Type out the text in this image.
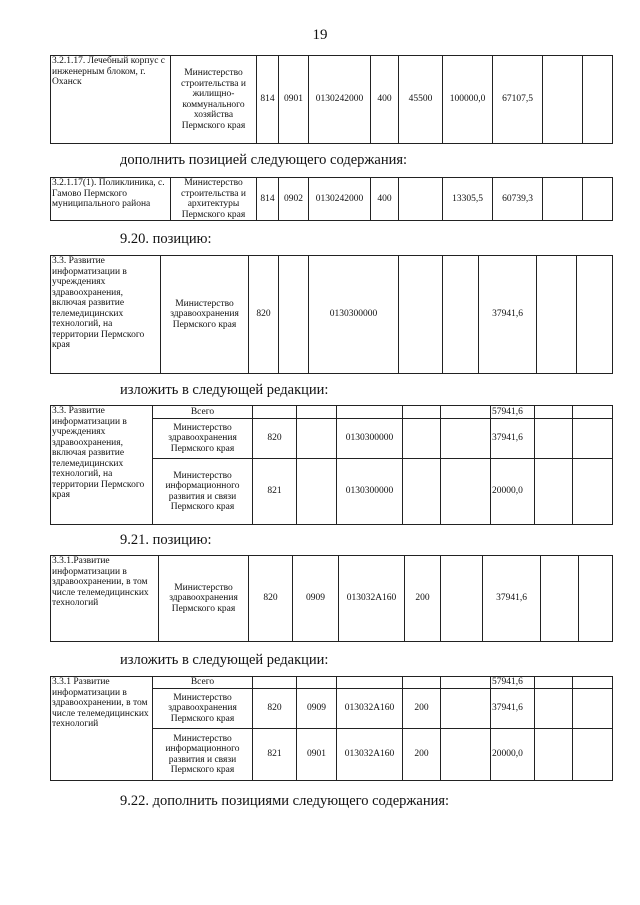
19
3.2.1.17. Лечебный корпус с инженерным блоком, г. Оханск	Министерство строительства и жилищно-коммунального хозяйства Пермского края	814	0901	0130242000	400	45500	100000,0	67107,5		
дополнить позицией следующего содержания:
3.2.1.17(1). Поликлиника, с. Гамово Пермского муниципального района	Министерство строительства и архитектуры Пермского края	814	0902	0130242000	400		13305,5	60739,3		
9.20. позицию:
3.3. Развитие информатизации в учреждениях здравоохранения, включая развитие телемедицинских технологий, на территории Пермского края	Министерство здравоохранения Пермского края	820		0130300000			37941,6		
изложить в следующей редакции:
3.3. Развитие информатизации в учреждениях здравоохранения, включая развитие телемедицинских технологий, на территории Пермского края	Всего						57941,6		
	Министерство здравоохранения Пермского края	820		0130300000			37941,6		
	Министерство информационного развития и связи Пермского края	821		0130300000			20000,0		
9.21. позицию:
3.3.1.Развитие информатизации в здравоохранении, в том числе телемедицинских технологий	Министерство здравоохранения Пермского края	820	0909	013032А160	200		37941,6		
изложить в следующей редакции:
3.3.1 Развитие информатизации в здравоохранении, в том числе телемедицинских технологий	Всего						57941,6		
	Министерство здравоохранения Пермского края	820	0909	013032А160	200		37941,6		
	Министерство информационного развития и связи Пермского края	821	0901	013032А160	200		20000,0		
9.22. дополнить позициями следующего содержания:
